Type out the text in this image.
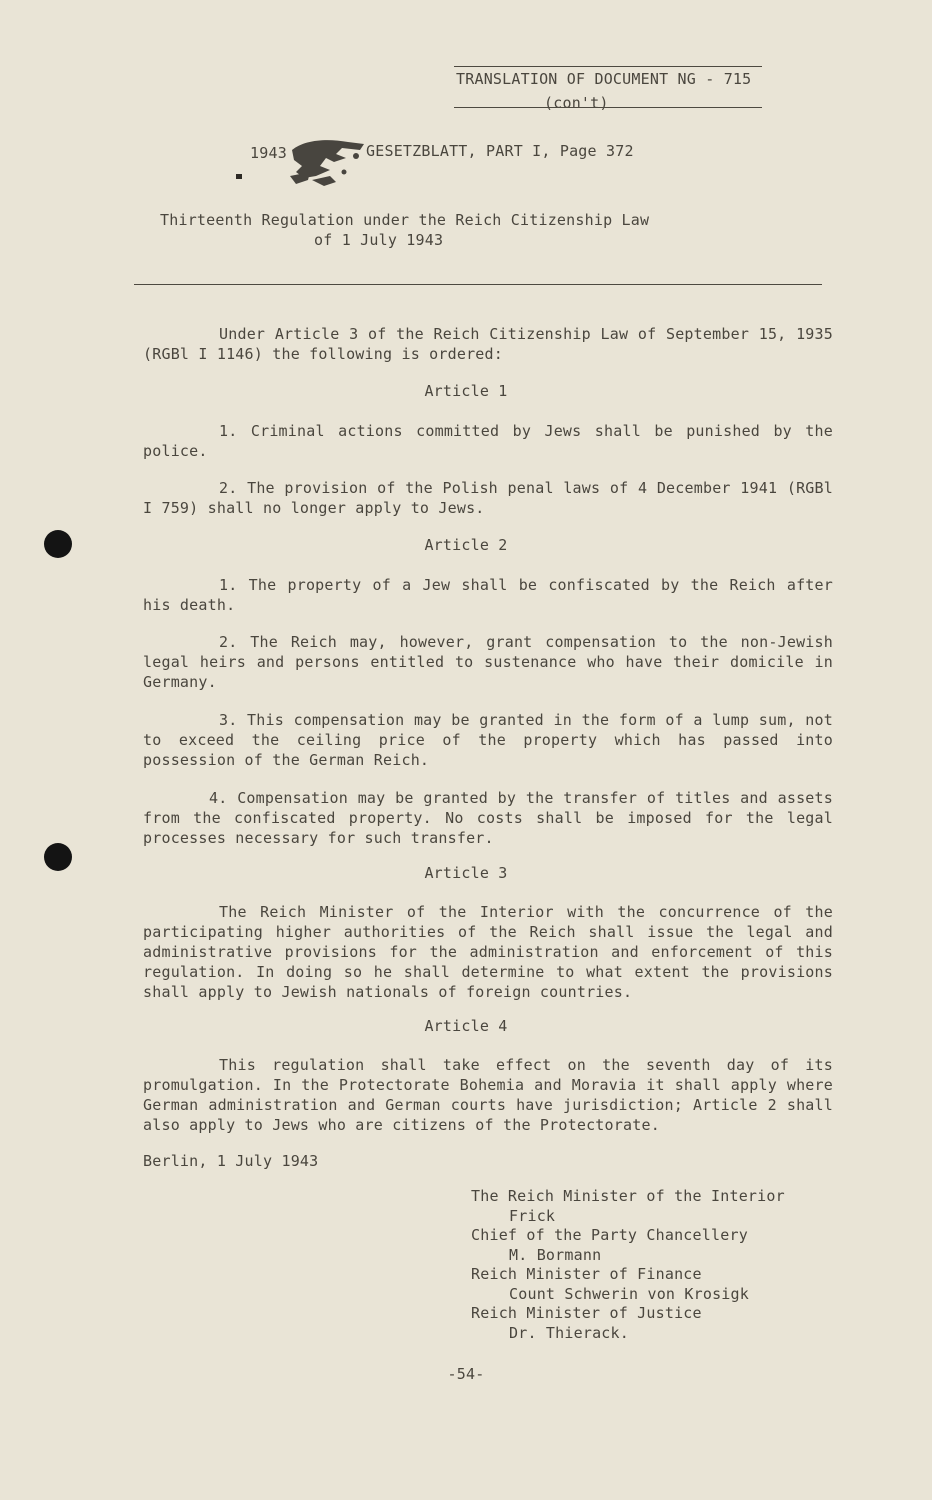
TRANSLATION OF DOCUMENT NG - 715
(con't)
1943	GESETZBLATT, PART I, Page 372
Thirteenth Regulation under the Reich Citizenship Law
of 1 July 1943
Under Article 3 of the Reich Citizenship Law of September 15, 1935 (RGBl I 1146) the following is ordered:
Article 1
1. Criminal actions committed by Jews shall be punished by the police.
2. The provision of the Polish penal laws of 4 December 1941 (RGBl I 759) shall no longer apply to Jews.
Article 2
1. The property of a Jew shall be confiscated by the Reich after his death.
2. The Reich may, however, grant compensation to the non-Jewish legal heirs and persons entitled to sustenance who have their domicile in Germany.
3. This compensation may be granted in the form of a lump sum, not to exceed the ceiling price of the property which has passed into possession of the German Reich.
4. Compensation may be granted by the transfer of titles and assets from the confiscated property. No costs shall be imposed for the legal processes necessary for such transfer.
Article 3
The Reich Minister of the Interior with the concurrence of the participating higher authorities of the Reich shall issue the legal and administrative provisions for the administration and enforcement of this regulation. In doing so he shall determine to what extent the provisions shall apply to Jewish nationals of foreign countries.
Article 4
This regulation shall take effect on the seventh day of its promulgation. In the Protectorate Bohemia and Moravia it shall apply where German administration and German courts have jurisdiction; Article 2 shall also apply to Jews who are citizens of the Protectorate.
Berlin, 1 July 1943
The Reich Minister of the Interior
Frick
Chief of the Party Chancellery
M. Bormann
Reich Minister of Finance
Count Schwerin von Krosigk
Reich Minister of Justice
Dr. Thierack.
-54-
